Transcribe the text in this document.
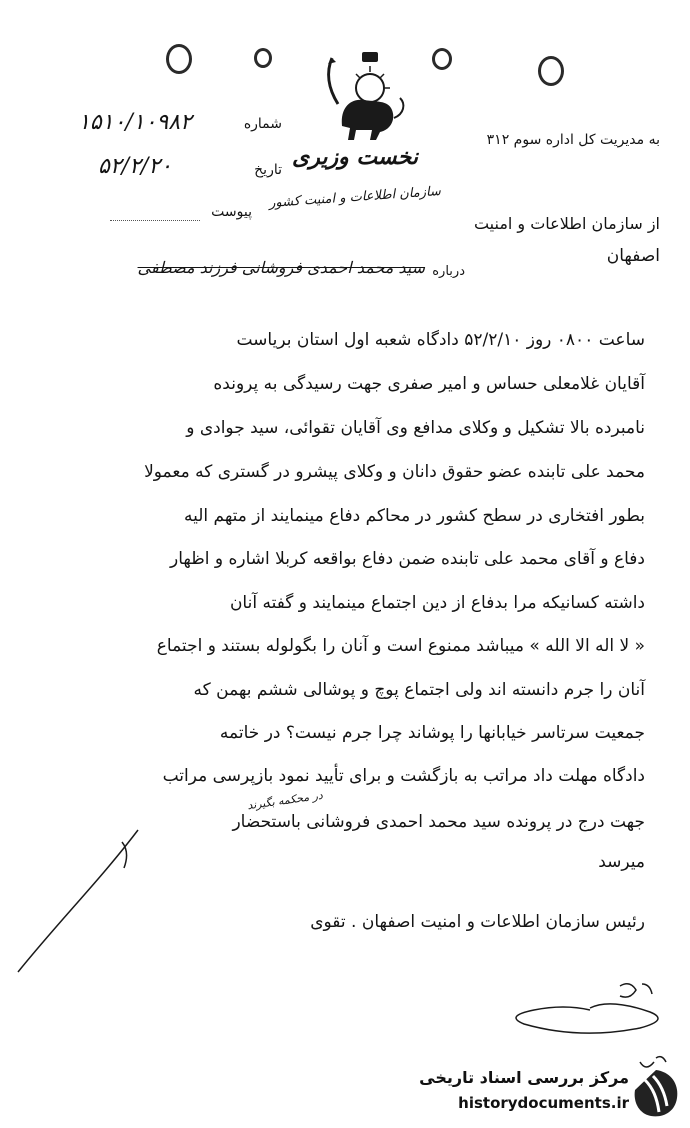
نخست وزیری
سازمان اطلاعات و امنیت کشور
شماره
۱۵۱۰/۱۰۹۸۲
تاریخ
۵۲/۲/۲۰
پیوست
به مدیریت کل اداره سوم ۳۱۲
از سازمان اطلاعات و امنیت
اصفهان
درباره
سید محمد احمدی فروشانی فرزند مصطفی
ساعت ۰۸۰۰ روز ۵۲/۲/۱۰ دادگاه شعبه اول استان بریاست
آقایان غلامعلی حساس و امیر صفری جهت رسیدگی به پرونده
نامبرده بالا تشکیل و وکلای مدافع وی آقایان تقوائی، سید جوادی و
محمد علی تابنده عضو حقوق دانان و وکلای پیشرو در گستری که معمولا
بطور افتخاری در سطح کشور در محاکم دفاع مینمایند از متهم الیه
دفاع و آقای محمد علی تابنده ضمن دفاع بواقعه کربلا اشاره و اظهار
داشته کسانیکه مرا بدفاع از دین اجتماع مینمایند و گفته آنان
« لا اله الا الله » میباشد ممنوع است و آنان را بگولوله بستند و اجتماع
آنان را جرم دانسته اند ولی اجتماع پوچ و پوشالی ششم بهمن که
جمعیت سرتاسر خیابانها را پوشاند چرا جرم نیست؟ در خاتمه
دادگاه مهلت داد مراتب به بازگشت و برای تأیید نمود بازپرسی مراتب
در محکمه بگیرند
جهت درج در پرونده سید محمد احمدی فروشانی باستحضار
میرسد
رئیس سازمان اطلاعات و امنیت اصفهان . تقوی
مرکز بررسی اسناد تاریخی
historydocuments.ir
